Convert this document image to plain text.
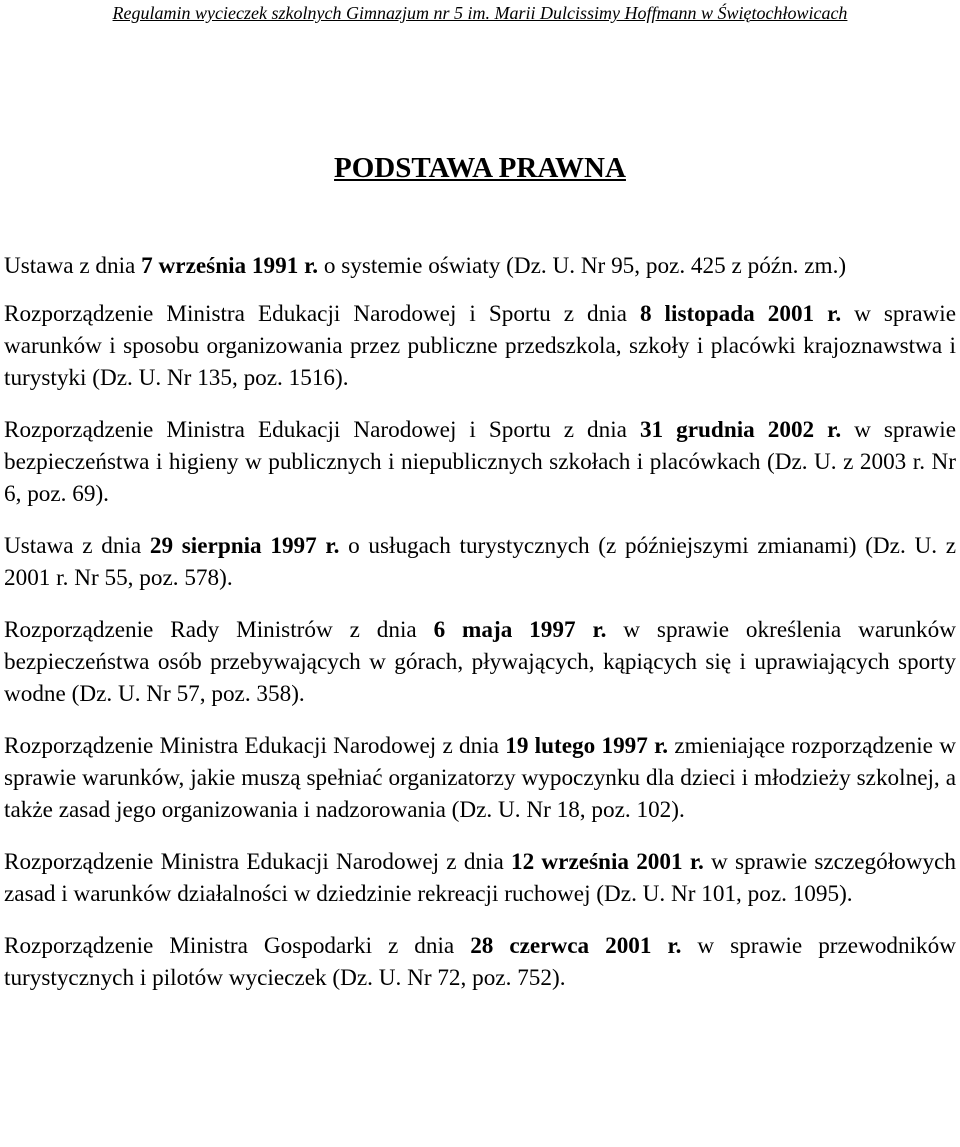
Regulamin wycieczek szkolnych Gimnazjum nr 5 im. Marii Dulcissimy Hoffmann w Świętochłowicach
PODSTAWA PRAWNA

Ustawa z dnia 7 września 1991 r. o systemie oświaty (Dz. U. Nr 95, poz. 425 z późn. zm.)

Rozporządzenie Ministra Edukacji Narodowej i Sportu z dnia 8 listopada 2001 r. w sprawie warunków i sposobu organizowania przez publiczne przedszkola, szkoły i placówki krajoznawstwa i turystyki (Dz. U. Nr 135, poz. 1516).

Rozporządzenie Ministra Edukacji Narodowej i Sportu z dnia 31 grudnia 2002 r. w sprawie bezpieczeństwa i higieny w publicznych i niepublicznych szkołach i placówkach (Dz. U. z 2003 r. Nr 6, poz. 69).

Ustawa z dnia 29 sierpnia 1997 r. o usługach turystycznych (z późniejszymi zmianami) (Dz. U. z 2001 r. Nr 55, poz. 578).

Rozporządzenie Rady Ministrów z dnia 6 maja 1997 r. w sprawie określenia warunków bezpieczeństwa osób przebywających w górach, pływających, kąpiących się i uprawiających sporty wodne (Dz. U. Nr 57, poz. 358).

Rozporządzenie Ministra Edukacji Narodowej z dnia 19 lutego 1997 r. zmieniające rozporządzenie w sprawie warunków, jakie muszą spełniać organizatorzy wypoczynku dla dzieci i młodzieży szkolnej, a także zasad jego organizowania i nadzorowania (Dz. U. Nr 18, poz. 102).

Rozporządzenie Ministra Edukacji Narodowej z dnia 12 września 2001 r. w sprawie szczegółowych zasad i warunków działalności w dziedzinie rekreacji ruchowej (Dz. U. Nr 101, poz. 1095).

Rozporządzenie Ministra Gospodarki z dnia 28 czerwca 2001 r. w sprawie przewodników turystycznych i pilotów wycieczek (Dz. U. Nr 72, poz. 752).
